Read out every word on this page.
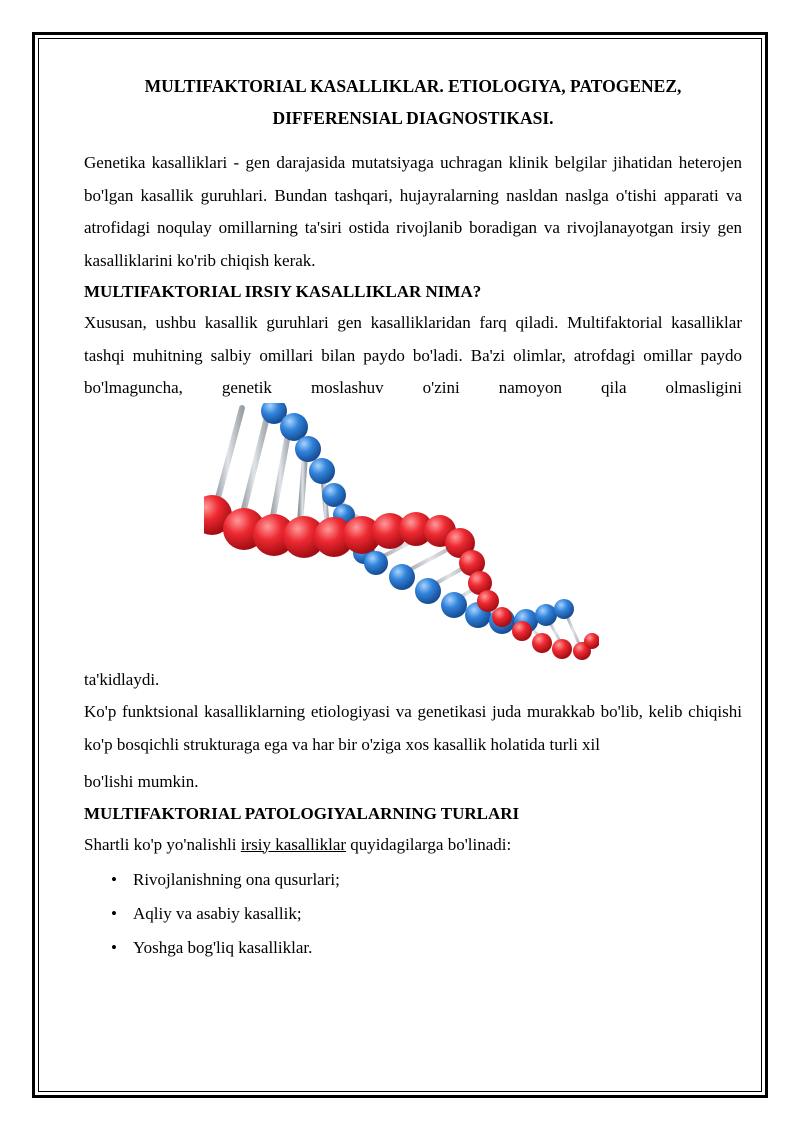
MULTIFAKTORIAL KASALLIKLAR. ETIOLOGIYA, PATOGENEZ,
DIFFERENSIAL DIAGNOSTIKASI.

Genetika kasalliklari - gen darajasida mutatsiyaga uchragan klinik belgilar jihatidan heterojen bo'lgan kasallik guruhlari. Bundan tashqari, hujayralarning nasldan naslga o'tishi apparati va atrofidagi noqulay omillarning ta'siri ostida rivojlanib boradigan va rivojlanayotgan irsiy gen kasalliklarini ko'rib chiqish kerak.

MULTIFAKTORIAL IRSIY KASALLIKLAR NIMA?

Xususan, ushbu kasallik guruhlari gen kasalliklaridan farq qiladi. Multifaktorial kasalliklar tashqi muhitning salbiy omillari bilan paydo bo'ladi. Ba'zi olimlar, atrofdagi omillar paydo bo'lmaguncha, genetik moslashuv o'zini namoyon qila olmasligini

ta'kidlaydi.

Ko'p funktsional kasalliklarning etiologiyasi va genetikasi juda murakkab bo'lib, kelib chiqishi ko'p bosqichli strukturaga ega va har bir o'ziga xos kasallik holatida turli xil

bo'lishi mumkin.

MULTIFAKTORIAL PATOLOGIYALARNING TURLARI

Shartli ko'p yo'nalishli irsiy kasalliklar quyidagilarga bo'linadi:

• Rivojlanishning ona qusurlari;
• Aqliy va asabiy kasallik;
• Yoshga bog'liq kasalliklar.
